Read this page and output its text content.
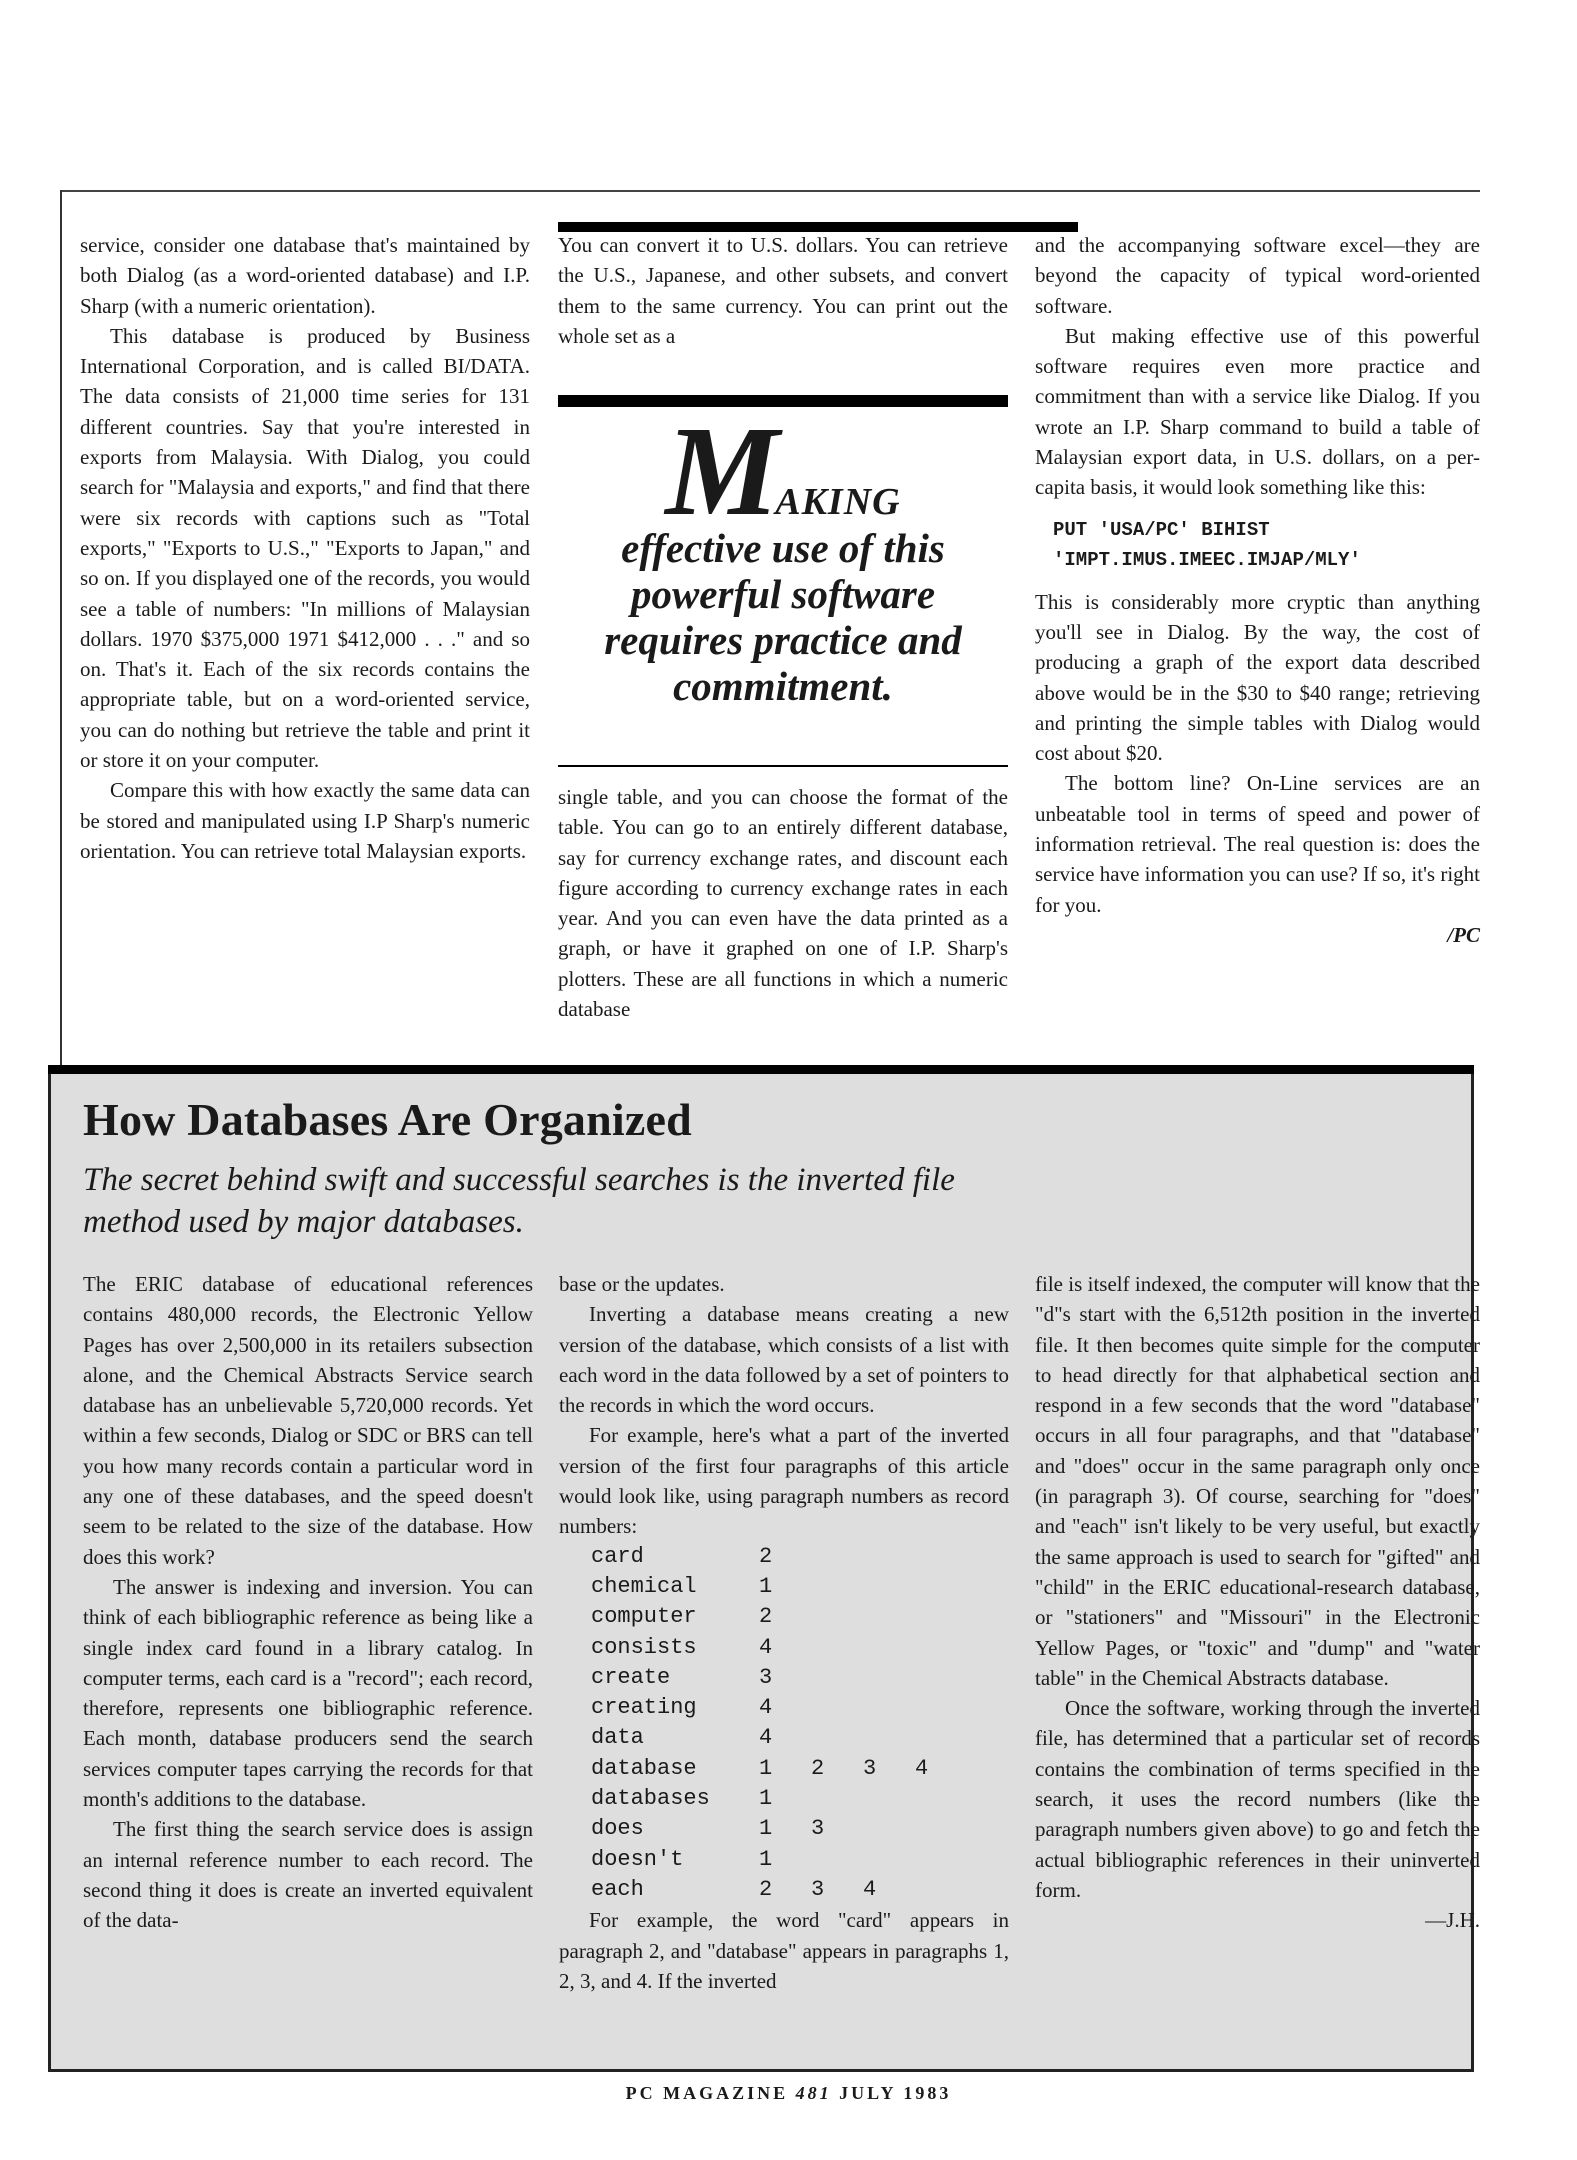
service, consider one database that's maintained by both Dialog (as a word-oriented database) and I.P. Sharp (with a numeric orientation).

This database is produced by Business International Corporation, and is called BI/DATA. The data consists of 21,000 time series for 131 different countries. Say that you're interested in exports from Malaysia. With Dialog, you could search for "Malaysia and exports," and find that there were six records with captions such as "Total exports," "Exports to U.S.," "Exports to Japan," and so on. If you displayed one of the records, you would see a table of numbers: "In millions of Malaysian dollars. 1970 $375,000 1971 $412,000 . . ." and so on. That's it. Each of the six records contains the appropriate table, but on a word-oriented service, you can do nothing but retrieve the table and print it or store it on your computer.

Compare this with how exactly the same data can be stored and manipulated using I.P Sharp's numeric orientation. You can retrieve total Malaysian exports.

You can convert it to U.S. dollars. You can retrieve the U.S., Japanese, and other subsets, and convert them to the same currency. You can print out the whole set as a

MAKING
effective use of this
powerful software
requires practice and
commitment.

single table, and you can choose the format of the table. You can go to an entirely different database, say for currency exchange rates, and discount each figure according to currency exchange rates in each year. And you can even have the data printed as a graph, or have it graphed on one of I.P. Sharp's plotters. These are all functions in which a numeric database

and the accompanying software excel—they are beyond the capacity of typical word-oriented software.

But making effective use of this powerful software requires even more practice and commitment than with a service like Dialog. If you wrote an I.P. Sharp command to build a table of Malaysian export data, in U.S. dollars, on a per-capita basis, it would look something like this:

PUT 'USA/PC' BIHIST 'IMPT.IMUS.IMEEC.IMJAP/MLY'

This is considerably more cryptic than anything you'll see in Dialog. By the way, the cost of producing a graph of the export data described above would be in the $30 to $40 range; retrieving and printing the simple tables with Dialog would cost about $20.

The bottom line? On-Line services are an unbeatable tool in terms of speed and power of information retrieval. The real question is: does the service have information you can use? If so, it's right for you.

/PC

How Databases Are Organized
The secret behind swift and successful searches is the inverted file method used by major databases.

The ERIC database of educational references contains 480,000 records, the Electronic Yellow Pages has over 2,500,000 in its retailers subsection alone, and the Chemical Abstracts Service search database has an unbelievable 5,720,000 records. Yet within a few seconds, Dialog or SDC or BRS can tell you how many records contain a particular word in any one of these databases, and the speed doesn't seem to be related to the size of the database. How does this work?

The answer is indexing and inversion. You can think of each bibliographic reference as being like a single index card found in a library catalog. In computer terms, each card is a "record"; each record, therefore, represents one bibliographic reference. Each month, database producers send the search services computer tapes carrying the records for that month's additions to the database.

The first thing the search service does is assign an internal reference number to each record. The second thing it does is create an inverted equivalent of the data-

base or the updates.

Inverting a database means creating a new version of the database, which consists of a list with each word in the data followed by a set of pointers to the records in which the word occurs.

For example, here's what a part of the inverted version of the first four paragraphs of this article would look like, using paragraph numbers as record numbers:

card	2			
chemical	1			
computer	2			
consists	4			
create	3			
creating	4			
data	4			
database	1	2	3	4
databases	1			
does	1	3		
doesn't	1			
each	2	3	4	

For example, the word "card" appears in paragraph 2, and "database" appears in paragraphs 1, 2, 3, and 4. If the inverted

file is itself indexed, the computer will know that the "d"s start with the 6,512th position in the inverted file. It then becomes quite simple for the computer to head directly for that alphabetical section and respond in a few seconds that the word "database" occurs in all four paragraphs, and that "database" and "does" occur in the same paragraph only once (in paragraph 3). Of course, searching for "does" and "each" isn't likely to be very useful, but exactly the same approach is used to search for "gifted" and "child" in the ERIC educational-research database, or "stationers" and "Missouri" in the Electronic Yellow Pages, or "toxic" and "dump" and "water table" in the Chemical Abstracts database.

Once the software, working through the inverted file, has determined that a particular set of records contains the combination of terms specified in the search, it uses the record numbers (like the paragraph numbers given above) to go and fetch the actual bibliographic references in their uninverted form.

—J.H.

PC MAGAZINE 481 JULY 1983
